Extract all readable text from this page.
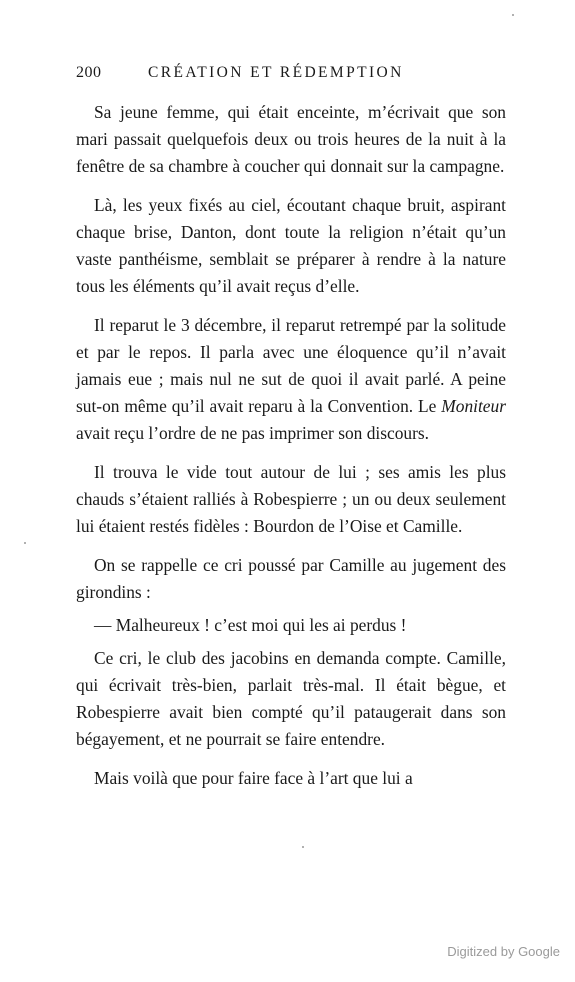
200	CRÉATION ET RÉDEMPTION

Sa jeune femme, qui était enceinte, m’écrivait que son mari passait quelquefois deux ou trois heures de la nuit à la fenêtre de sa chambre à coucher qui donnait sur la campagne.

Là, les yeux fixés au ciel, écoutant chaque bruit, aspirant chaque brise, Danton, dont toute la religion n’était qu’un vaste panthéisme, semblait se préparer à rendre à la nature tous les éléments qu’il avait reçus d’elle.

Il reparut le 3 décembre, il reparut retrempé par la solitude et par le repos. Il parla avec une éloquence qu’il n’avait jamais eue ; mais nul ne sut de quoi il avait parlé. A peine sut-on même qu’il avait reparu à la Convention. Le Moniteur avait reçu l’ordre de ne pas imprimer son discours.

Il trouva le vide tout autour de lui ; ses amis les plus chauds s’étaient ralliés à Robespierre ; un ou deux seulement lui étaient restés fidèles : Bourdon de l’Oise et Camille.

On se rappelle ce cri poussé par Camille au jugement des girondins :

— Malheureux ! c’est moi qui les ai perdus !

Ce cri, le club des jacobins en demanda compte. Camille, qui écrivait très-bien, parlait très-mal. Il était bègue, et Robespierre avait bien compté qu’il pataugerait dans son bégayement, et ne pourrait se faire entendre.

Mais voilà que pour faire face à l’art que lui a

Digitized by Google
